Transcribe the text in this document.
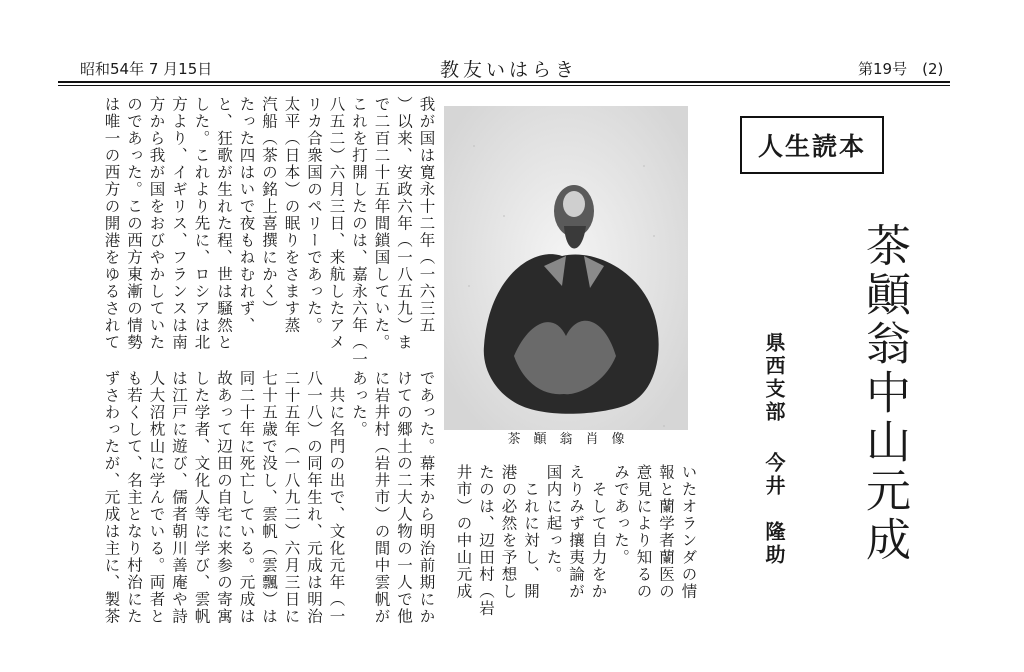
昭和54年 7 月15日	教友いはらき	第19号　(2)
我が国は寛永十二年（一六三五
）以来、安政六年（一八五九）ま
で二百二十五年間鎖国していた。
これを打開したのは、嘉永六年（一
八五二）六月三日、来航したアメ
リカ合衆国のペリーであった。
太平（日本）の眠りをさます蒸
汽船（茶の銘上喜撰にかく）
たった四はいで夜もねむれず、
と、狂歌が生れた程、世は騒然と
した。これより先に、ロシアは北
方より、イギリス、フランスは南
方から我が国をおびやかしていた
のであった。この西方東漸の情勢
は唯一の西方の開港をゆるされて
茶　顚　翁　肖　像
であった。幕末から明治前期にか
けての郷土の二大人物の一人で他
に岩井村（岩井市）の間中雲帆が
あった。
　共に名門の出で、文化元年（一
八一八）の同年生れ、元成は明治
二十五年（一八九二）六月三日に
七十五歳で没し、雲帆（雲飄）は
同二十年に死亡している。元成は
故あって辺田の自宅に来参の寄寓
した学者、文化人等に学び、雲帆
は江戸に遊び、儒者朝川善庵や詩
人大沼枕山に学んでいる。両者と
も若くして、名主となり村治にた
ずさわったが、元成は主に、製茶	いたオランダの情
報と蘭学者蘭医の
意見により知るの
みであった。
　そして自力をか
えりみず攘夷論が
国内に起った。
　これに対し、開
港の必然を予想し
たのは、辺田村（岩
井市）の中山元成
人生読本
茶顚翁中山元成
県西支部
今井　隆助
